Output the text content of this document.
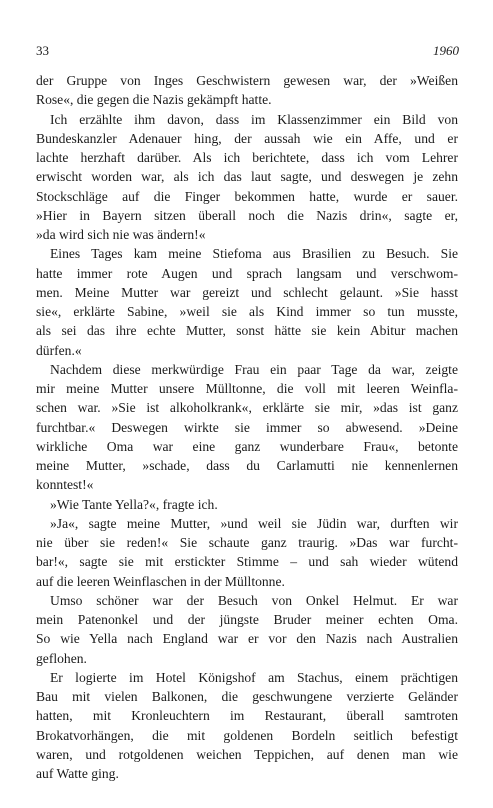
33	1960
der Gruppe von Inges Geschwistern gewesen war, der »Weißen
Rose«, die gegen die Nazis gekämpft hatte.
Ich erzählte ihm davon, dass im Klassenzimmer ein Bild von
Bundeskanzler Adenauer hing, der aussah wie ein Affe, und er
lachte herzhaft darüber. Als ich berichtete, dass ich vom Lehrer
erwischt worden war, als ich das laut sagte, und deswegen je zehn
Stockschläge auf die Finger bekommen hatte, wurde er sauer.
»Hier in Bayern sitzen überall noch die Nazis drin«, sagte er,
»da wird sich nie was ändern!«
Eines Tages kam meine Stiefoma aus Brasilien zu Besuch. Sie
hatte immer rote Augen und sprach langsam und verschwom-
men. Meine Mutter war gereizt und schlecht gelaunt. »Sie hasst
sie«, erklärte Sabine, »weil sie als Kind immer so tun musste,
als sei das ihre echte Mutter, sonst hätte sie kein Abitur machen
dürfen.«
Nachdem diese merkwürdige Frau ein paar Tage da war, zeigte
mir meine Mutter unsere Mülltonne, die voll mit leeren Weinfla-
schen war. »Sie ist alkoholkrank«, erklärte sie mir, »das ist ganz
furchtbar.« Deswegen wirkte sie immer so abwesend. »Deine
wirkliche Oma war eine ganz wunderbare Frau«, betonte
meine Mutter, »schade, dass du Carlamutti nie kennenlernen
konntest!«
»Wie Tante Yella?«, fragte ich.
»Ja«, sagte meine Mutter, »und weil sie Jüdin war, durften wir
nie über sie reden!« Sie schaute ganz traurig. »Das war furcht-
bar!«, sagte sie mit erstickter Stimme – und sah wieder wütend
auf die leeren Weinflaschen in der Mülltonne.
Umso schöner war der Besuch von Onkel Helmut. Er war
mein Patenonkel und der jüngste Bruder meiner echten Oma.
So wie Yella nach England war er vor den Nazis nach Australien
geflohen.
Er logierte im Hotel Königshof am Stachus, einem prächtigen
Bau mit vielen Balkonen, die geschwungene verzierte Geländer
hatten, mit Kronleuchtern im Restaurant, überall samtroten
Brokatvorhängen, die mit goldenen Bordeln seitlich befestigt
waren, und rotgoldenen weichen Teppichen, auf denen man wie
auf Watte ging.
